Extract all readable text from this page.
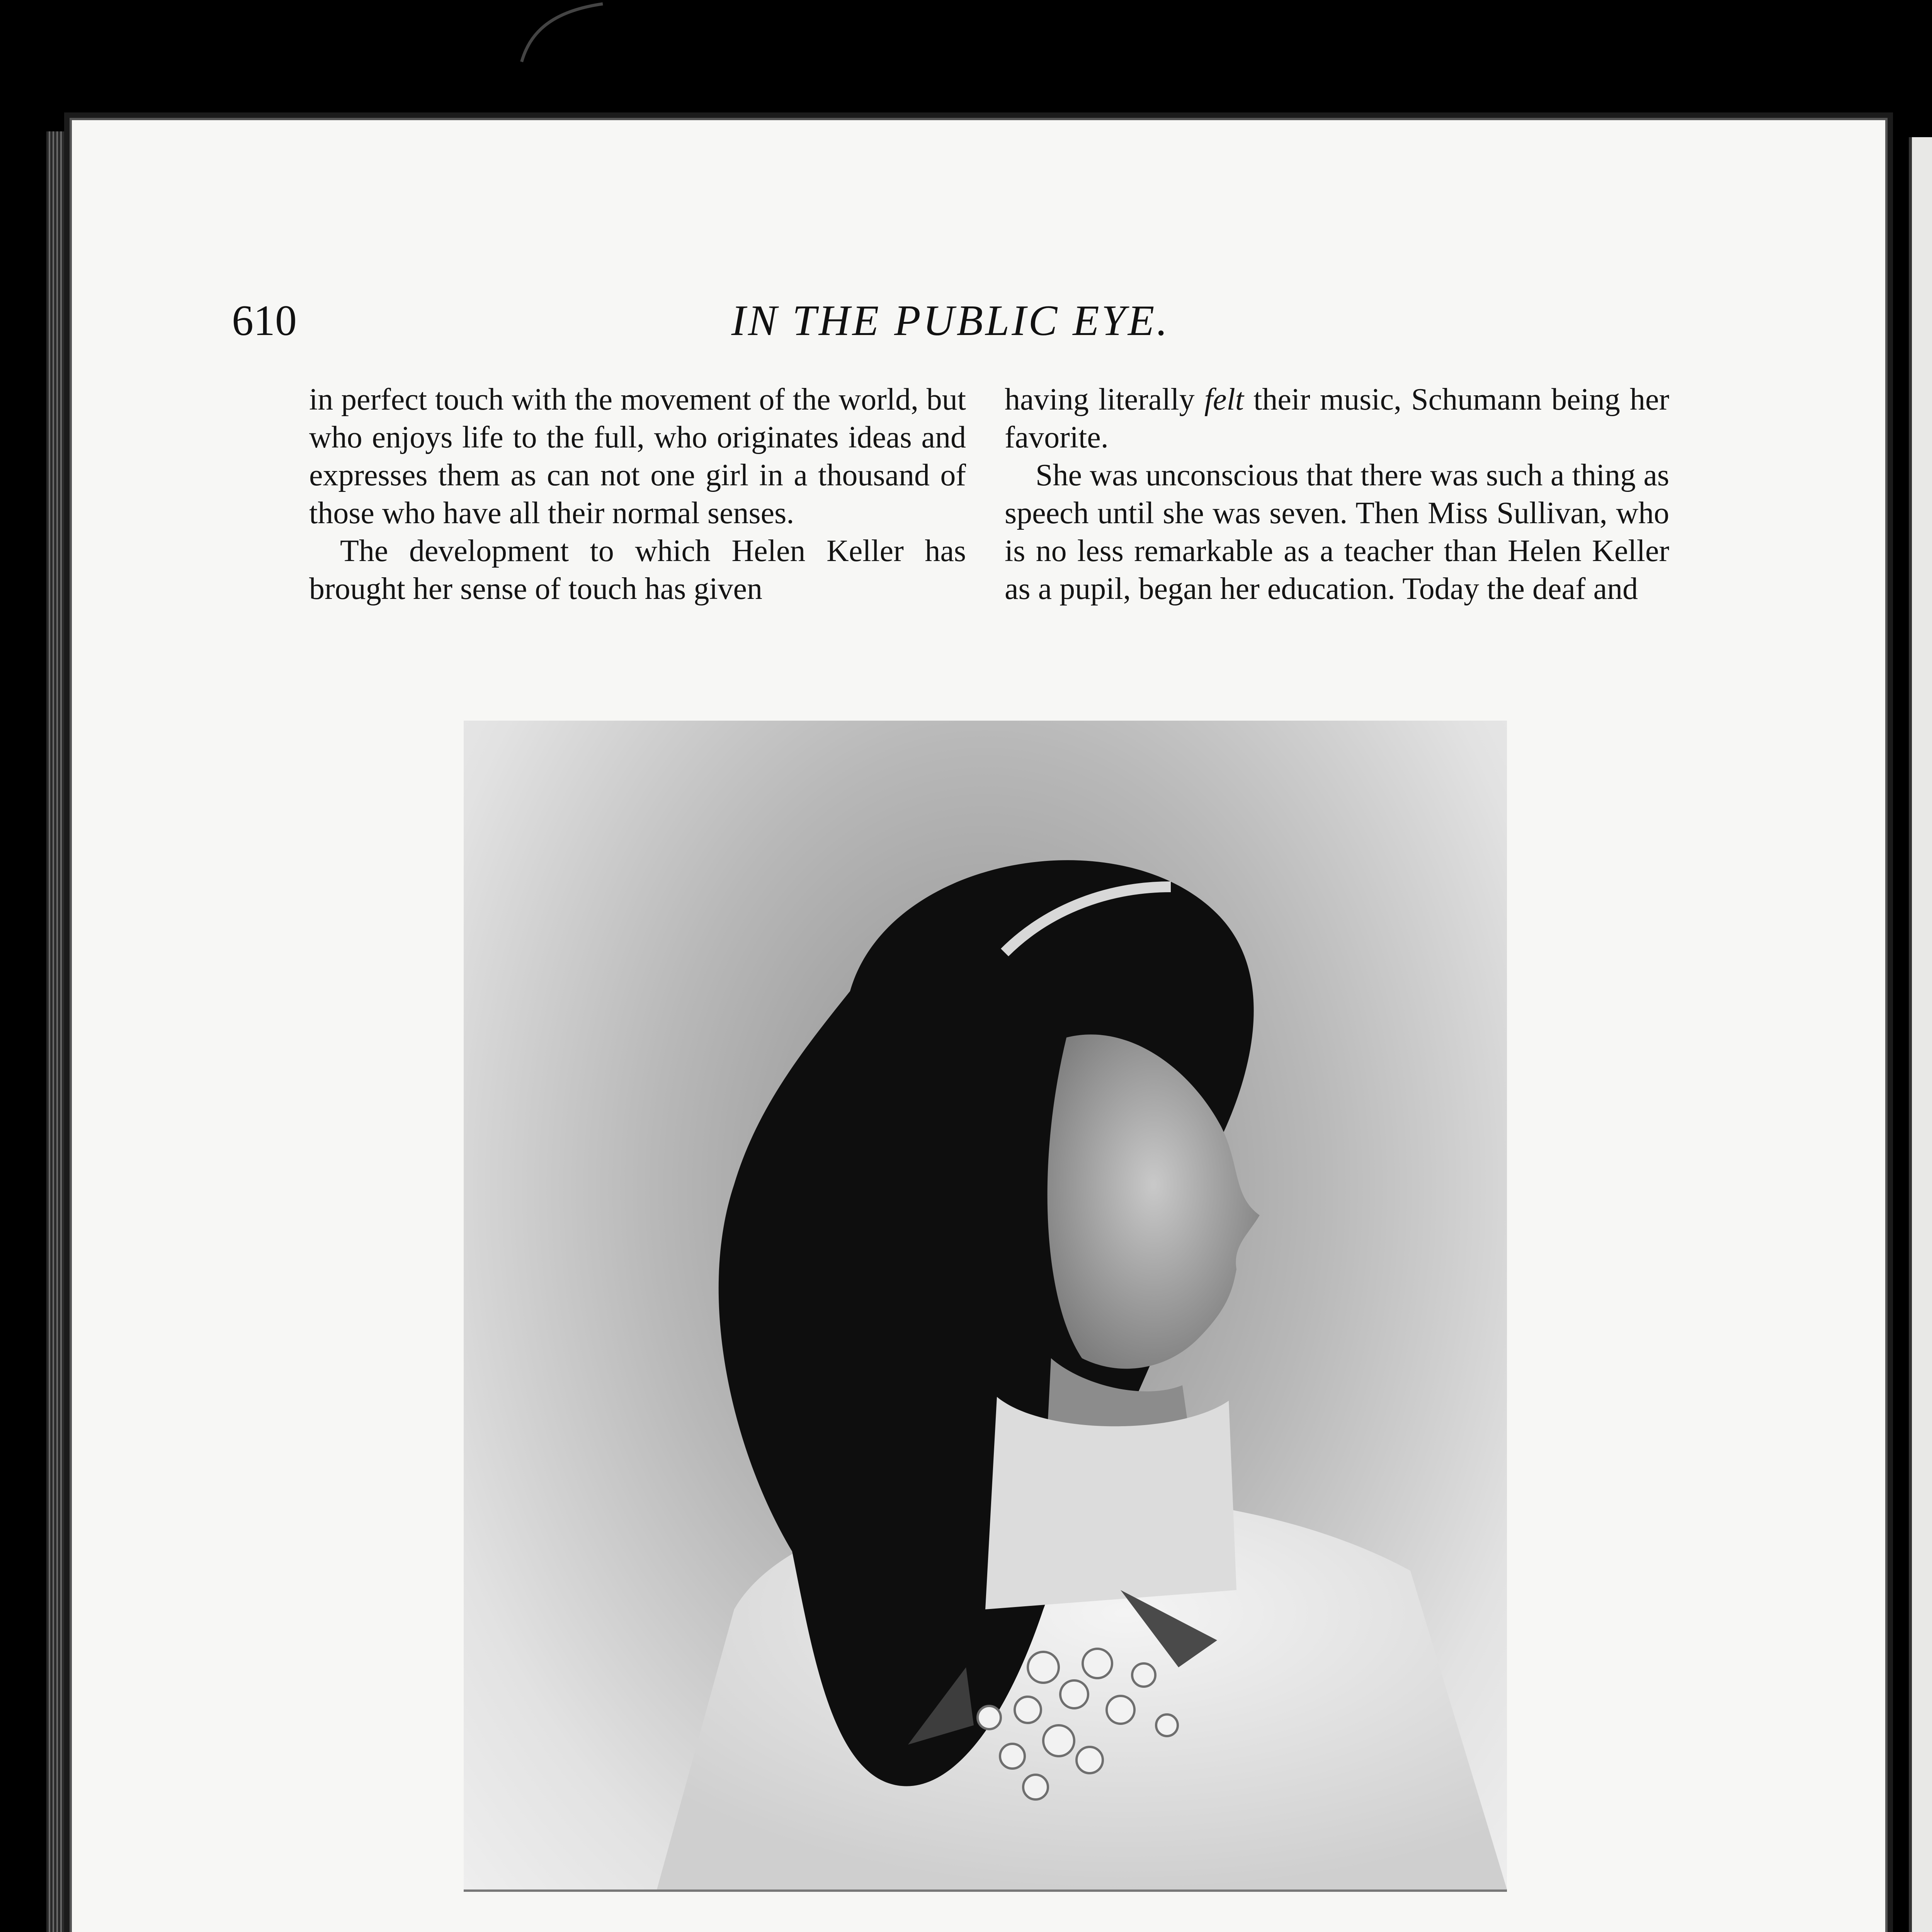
610	IN THE PUBLIC EYE.

in perfect touch with the movement of the world, but who enjoys life to the full, who originates ideas and expresses them as can not one girl in a thousand of those who have all their normal senses.

The development to which Helen Keller has brought her sense of touch has given

having literally felt their music, Schumann being her favorite.

She was unconscious that there was such a thing as speech until she was seven. Then Miss Sullivan, who is no less remarkable as a teacher than Helen Keller as a pupil, began her education. Today the deaf and
